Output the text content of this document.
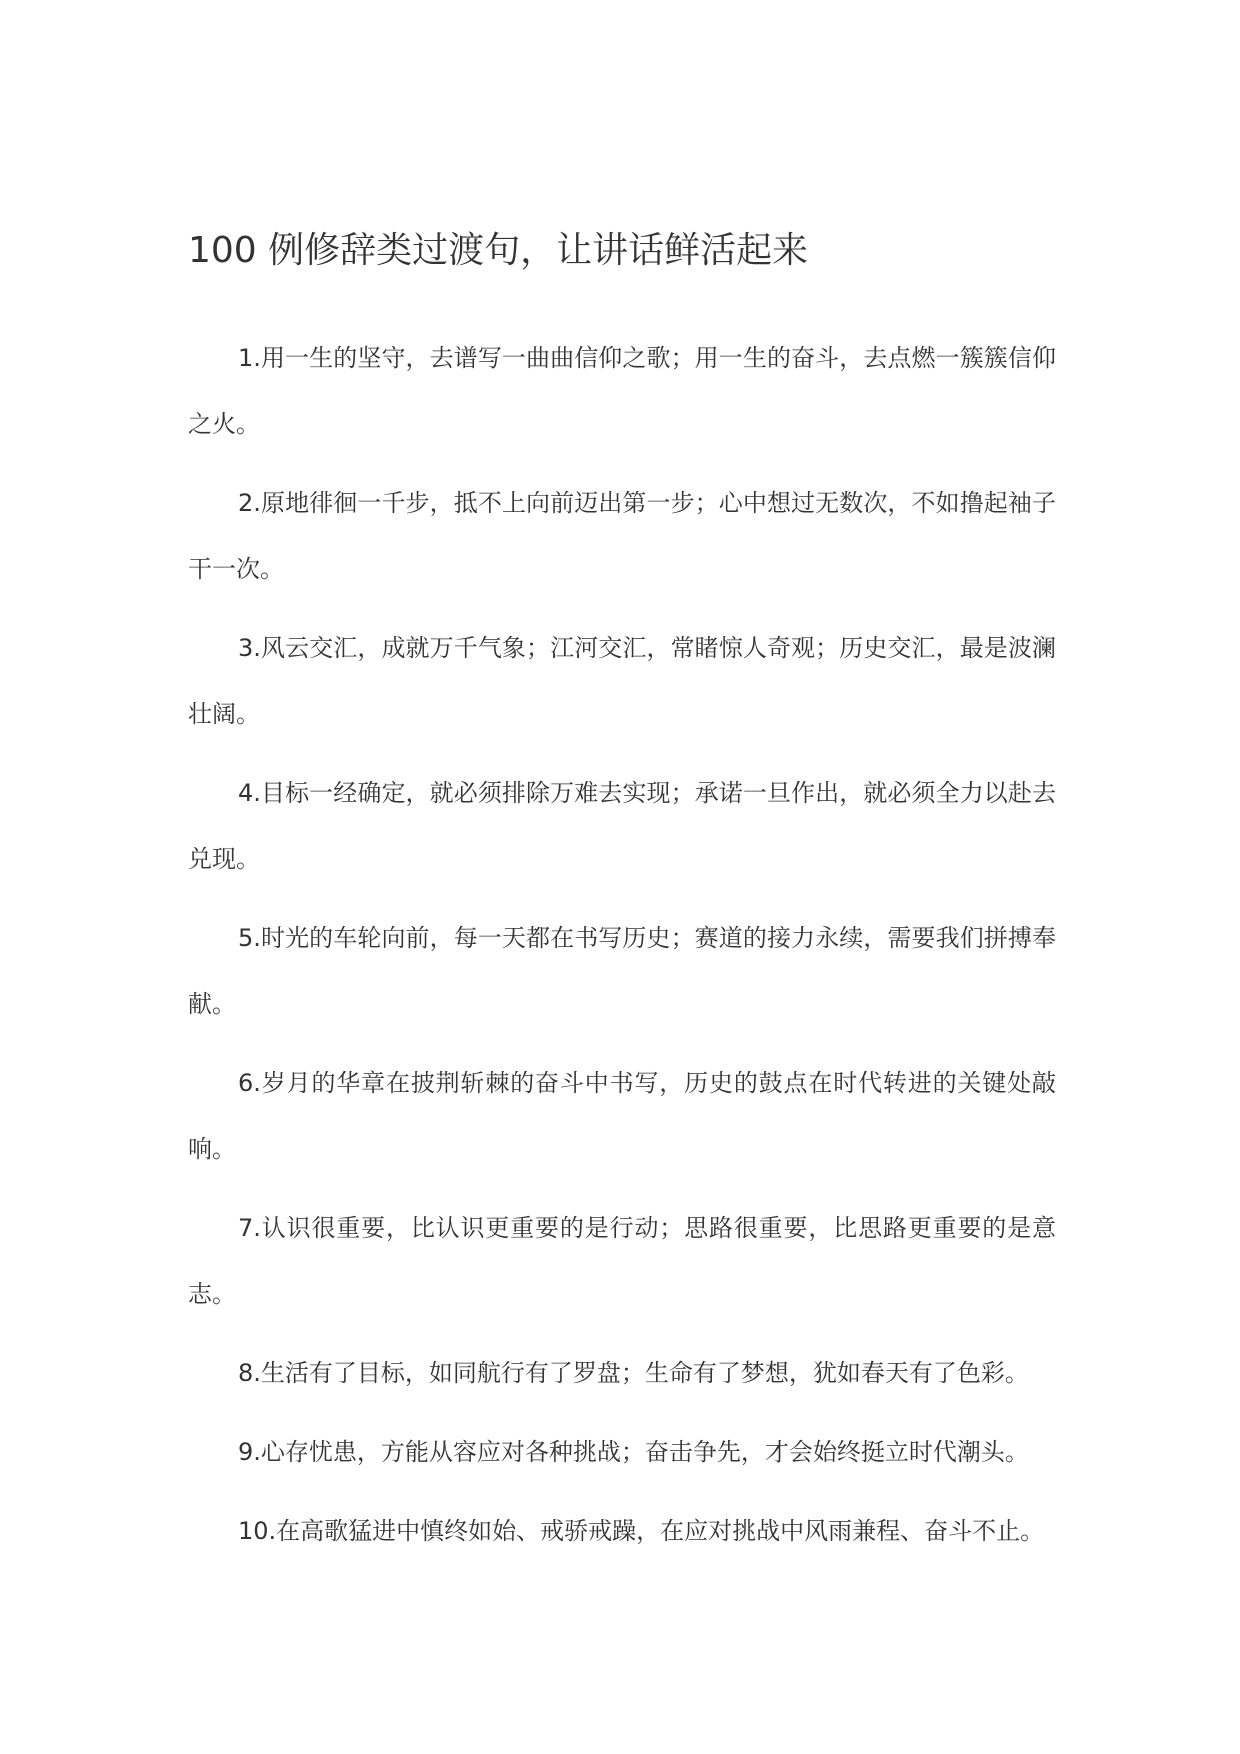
100 例修辞类过渡句，让讲话鲜活起来

1.用一生的坚守，去谱写一曲曲信仰之歌；用一生的奋斗，去点燃一簇簇信仰之火。

2.原地徘徊一千步，抵不上向前迈出第一步；心中想过无数次，不如撸起袖子干一次。

3.风云交汇，成就万千气象；江河交汇，常睹惊人奇观；历史交汇，最是波澜壮阔。

4.目标一经确定，就必须排除万难去实现；承诺一旦作出，就必须全力以赴去兑现。

5.时光的车轮向前，每一天都在书写历史；赛道的接力永续，需要我们拼搏奉献。

6.岁月的华章在披荆斩棘的奋斗中书写，历史的鼓点在时代转进的关键处敲响。

7.认识很重要，比认识更重要的是行动；思路很重要，比思路更重要的是意志。

8.生活有了目标，如同航行有了罗盘；生命有了梦想，犹如春天有了色彩。

9.心存忧患，方能从容应对各种挑战；奋击争先，才会始终挺立时代潮头。

10.在高歌猛进中慎终如始、戒骄戒躁，在应对挑战中风雨兼程、奋斗不止。
